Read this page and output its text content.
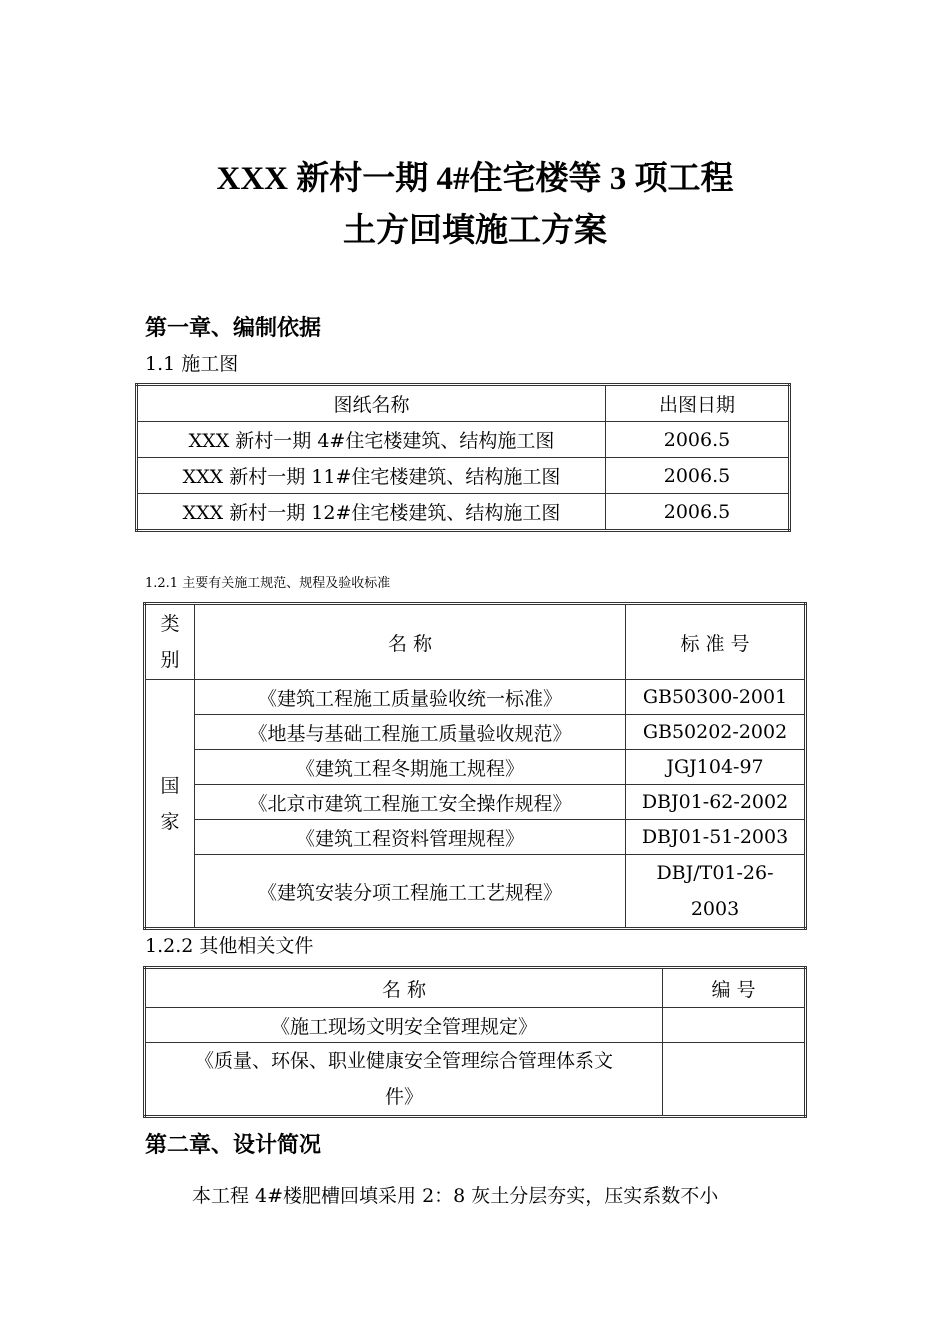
XXX 新村一期 4#住宅楼等 3 项工程
土方回填施工方案
第一章、编制依据
1.1 施工图
图纸名称	出图日期
XXX 新村一期 4#住宅楼建筑、结构施工图	2006.5
XXX 新村一期 11#住宅楼建筑、结构施工图	2006.5
XXX 新村一期 12#住宅楼建筑、结构施工图	2006.5
1.2.1 主要有关施工规范、规程及验收标准
类
别	名 称	标 准 号

国
家	《建筑工程施工质量验收统一标准》	GB50300-2001
	《地基与基础工程施工质量验收规范》	GB50202-2002
	《建筑工程冬期施工规程》	JGJ104-97
	《北京市建筑工程施工安全操作规程》	DBJ01-62-2002
	《建筑工程资料管理规程》	DBJ01-51-2003
	《建筑安装分项工程施工工艺规程》	DBJ/T01-26-
2003
1.2.2 其他相关文件
名 称	编 号
《施工现场文明安全管理规定》	

《质量、环保、职业健康安全管理综合管理体系文
件》	

第二章、设计简况
本工程 4#楼肥槽回填采用 2：8 灰土分层夯实，压实系数不小
